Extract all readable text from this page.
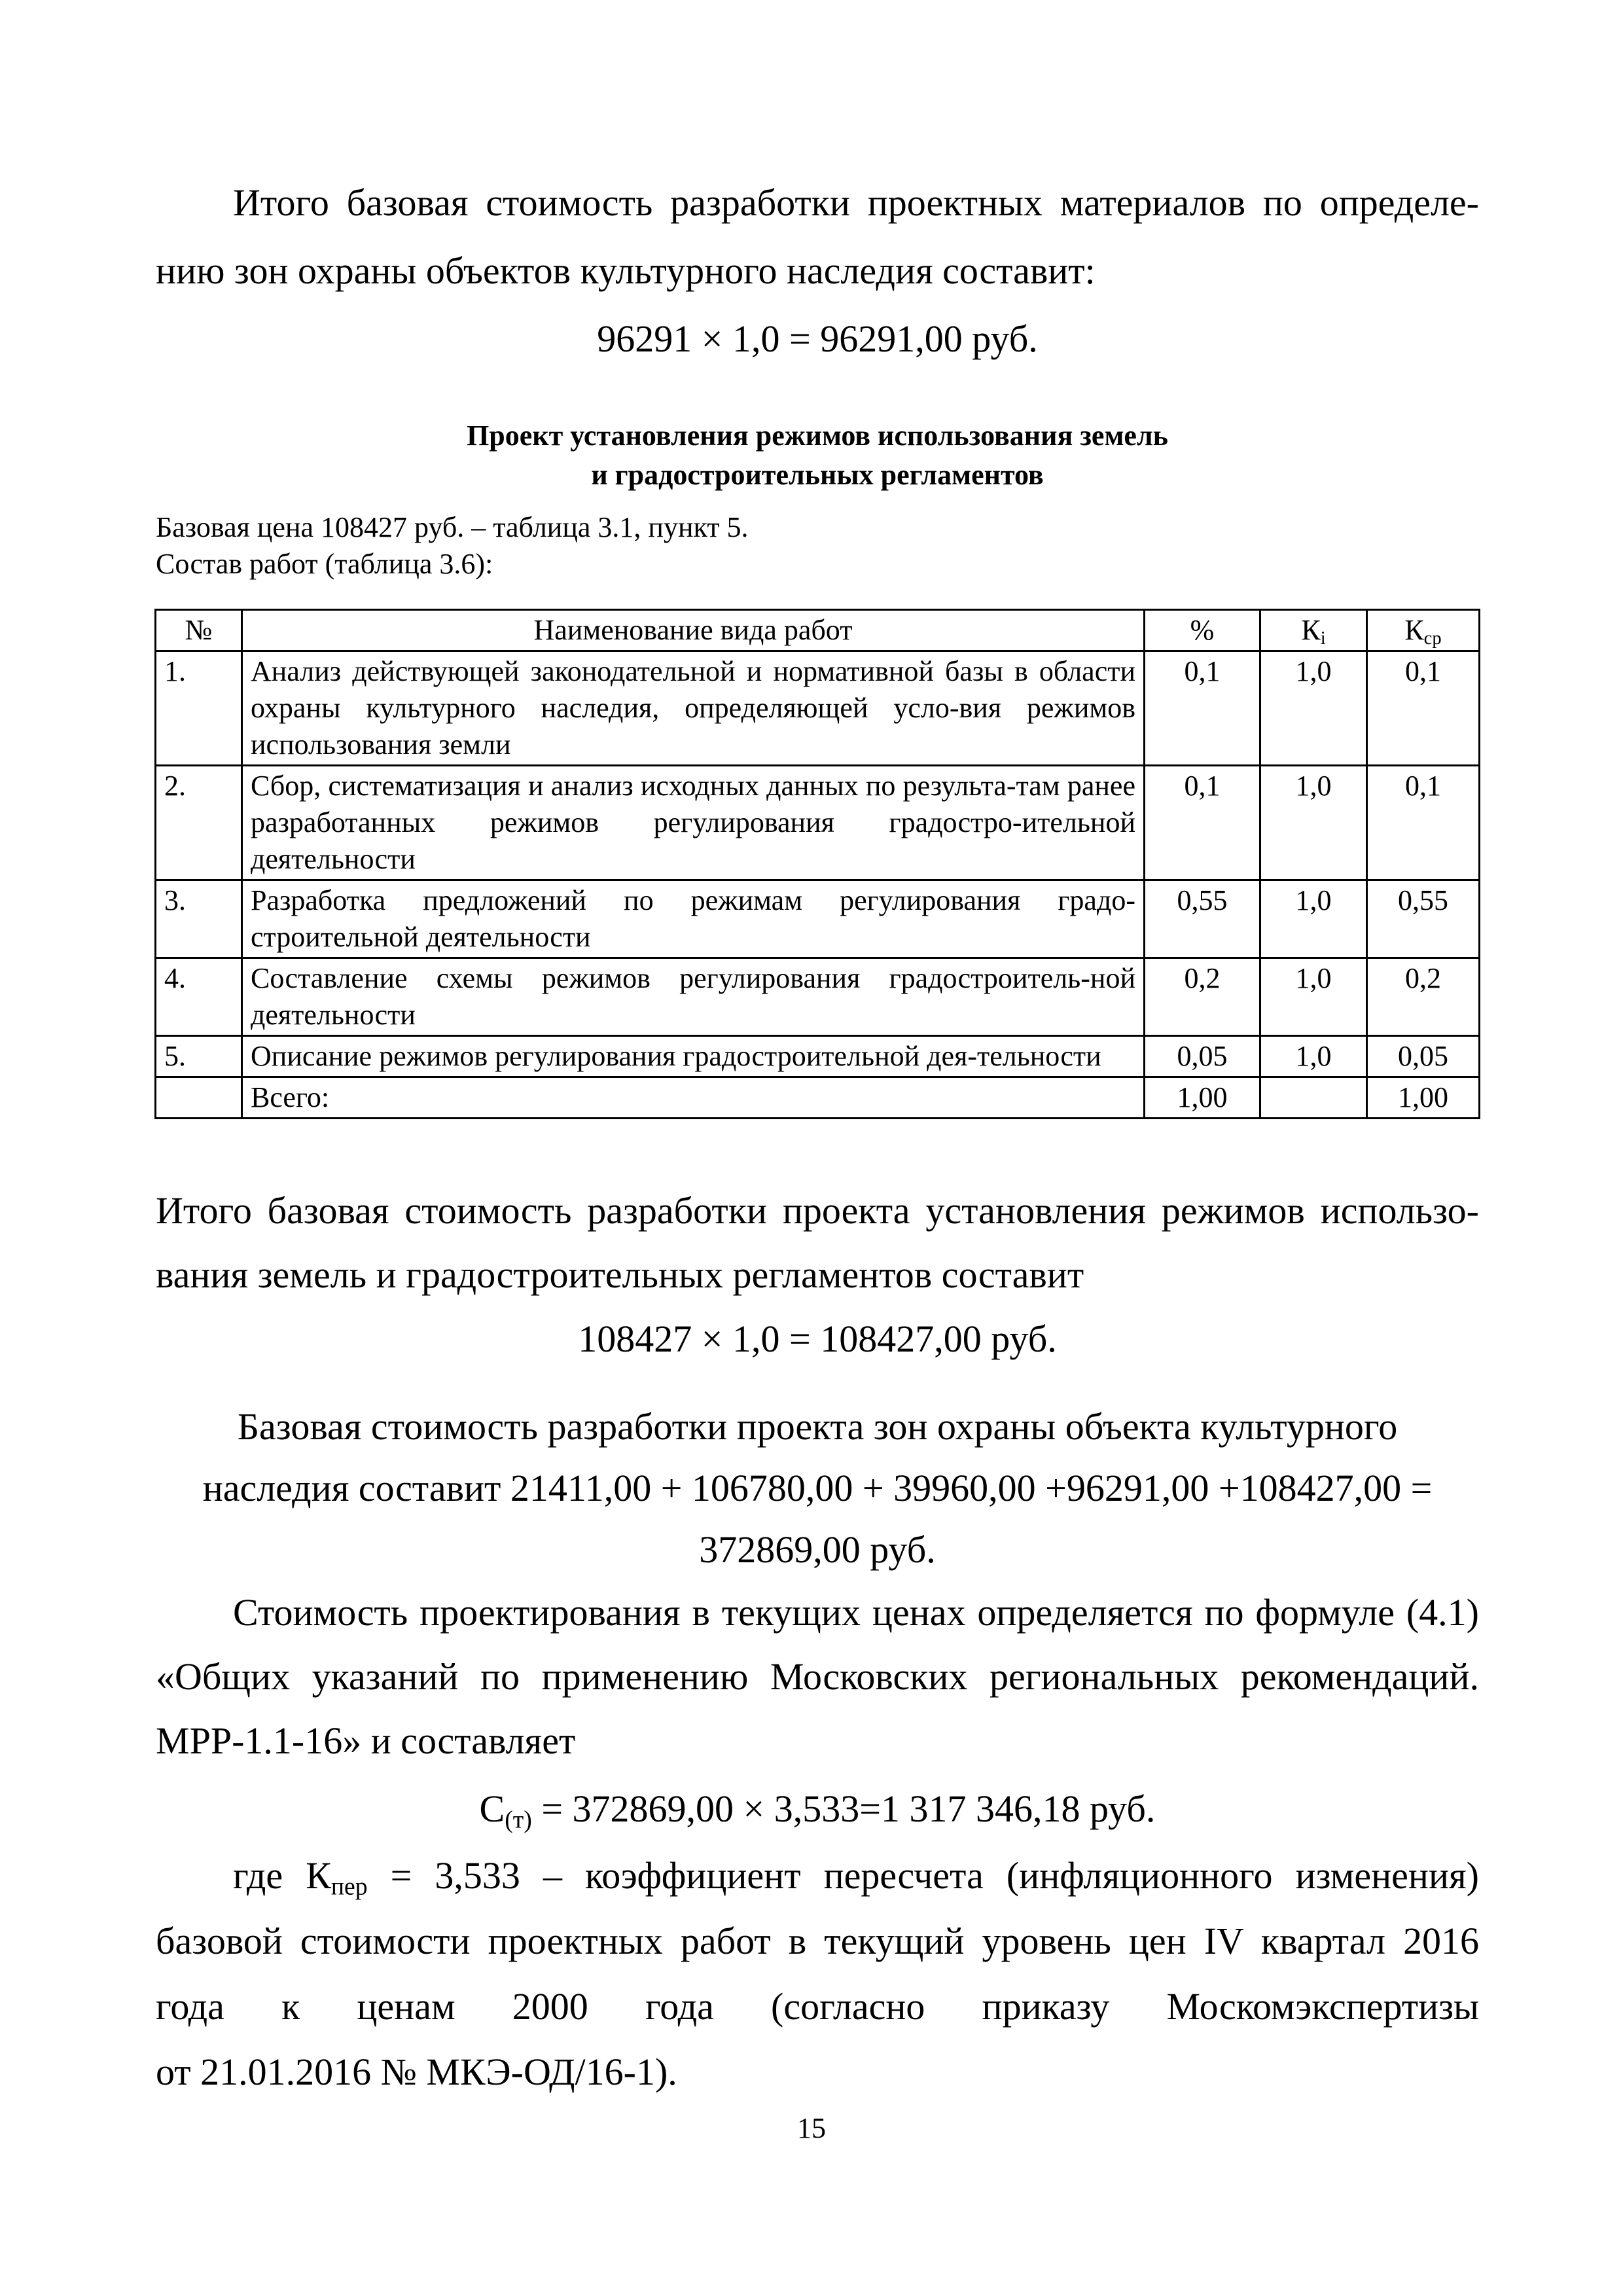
Итого базовая стоимость разработки проектных материалов по определе-

нию зон охраны объектов культурного наследия составит:

96291 × 1,0 = 96291,00 руб.

Проект установления режимов использования земель

и градостроительных регламентов

Базовая цена 108427 руб. – таблица 3.1, пункт 5.

Состав работ (таблица 3.6):

№	Наименование вида работ	%	$К_i$	$К_{ср}$
1.	Анализ действующей законодательной и нормативной базы в области охраны культурного наследия, определяющей усло-вия режимов использования земли	0,1	1,0	0,1
2.	Сбор, систематизация и анализ исходных данных по результа-там ранее разработанных режимов регулирования градостро-ительной деятельности	0,1	1,0	0,1
3.	Разработка предложений по режимам регулирования градо-строительной деятельности	0,55	1,0	0,55
4.	Составление схемы режимов регулирования градостроитель-ной деятельности	0,2	1,0	0,2
5.	Описание режимов регулирования градостроительной дея-тельности	0,05	1,0	0,05
	Всего:	1,00		1,00

Итого базовая стоимость разработки проекта установления режимов использо-

вания земель и градостроительных регламентов составит

108427 × 1,0 = 108427,00 руб.

Базовая стоимость разработки проекта зон охраны объекта культурного

наследия составит 21411,00 + 106780,00 + 39960,00 +96291,00 +108427,00 =

372869,00 руб.

Стоимость проектирования в текущих ценах определяется по формуле (4.1)

«Общих указаний по применению Московских региональных рекомендаций.

МРР-1.1-16» и составляет

$С_{(т)} = 372869,00 \times 3,533=1$ 317 346,18 руб.

где $К_{пер} = 3,533$ – коэффициент пересчета (инфляционного изменения)

базовой стоимости проектных работ в текущий уровень цен IV квартал 2016

года к ценам 2000 года (согласно приказу Москомэкспертизы

от 21.01.2016 № МКЭ-ОД/16-1).

15
